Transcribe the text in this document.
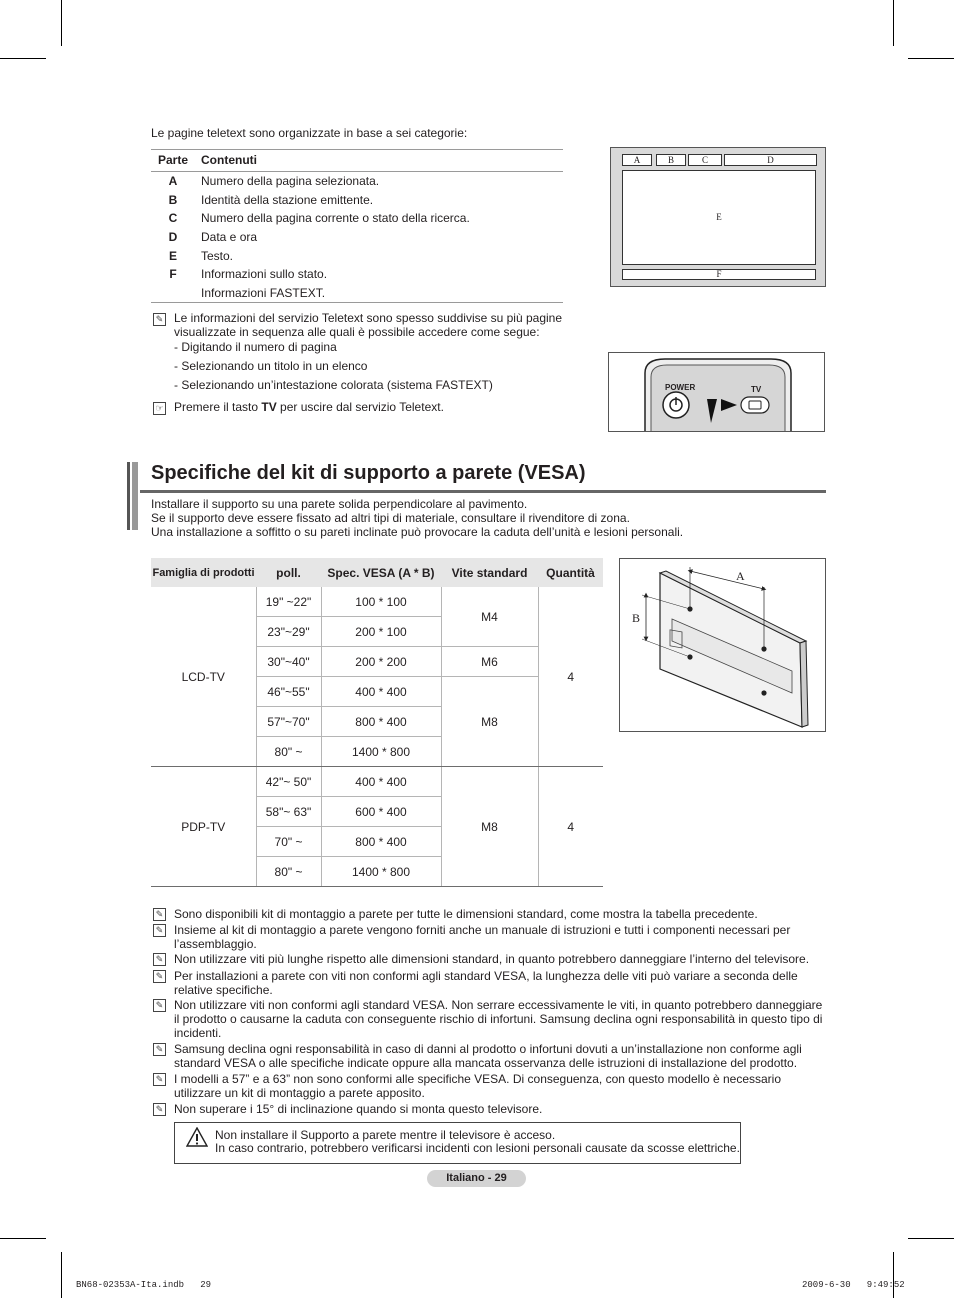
Le pagine teletext sono organizzate in base a sei categorie:
Parte	Contenuti
A	Numero della pagina selezionata.
B	Identità della stazione emittente.
C	Numero della pagina corrente o stato della ricerca.
D	Data e ora
E	Testo.
F	Informazioni sullo stato.
Informazioni FASTEXT.
A	B	C	D
E
F
✎ Le informazioni del servizio Teletext sono spesso suddivise su più pagine visualizzate in sequenza alle quali è possibile accedere come segue:
- Digitando il numero di pagina
- Selezionando un titolo in un elenco
- Selezionando un’intestazione colorata (sistema FASTEXT)
☞ Premere il tasto TV per uscire dal servizio Teletext.
POWER	TV
Specifiche del kit di supporto a parete (VESA)
Installare il supporto su una parete solida perpendicolare al pavimento.
Se il supporto deve essere fissato ad altri tipi di materiale, consultare il rivenditore di zona.
Una installazione a soffitto o su pareti inclinate può provocare la caduta dell’unità e lesioni personali.
Famiglia di prodotti	poll.	Spec. VESA (A * B)	Vite standard	Quantità
LCD-TV	19" ~22"	100 * 100	M4	4
	23"~29"	200 * 100		
	30"~40"	200 * 200	M6	
	46"~55"	400 * 400	M8	
	57"~70"	800 * 400		
	80" ~	1400 * 800		
PDP-TV	42"~ 50"	400 * 400	M8	4
	58"~ 63"	600 * 400		
	70" ~	800 * 400		
	80" ~	1400 * 800		
A
B
✎ Sono disponibili kit di montaggio a parete per tutte le dimensioni standard, come mostra la tabella precedente.
✎ Insieme al kit di montaggio a parete vengono forniti anche un manuale di istruzioni e tutti i componenti necessari per l’assemblaggio.
✎ Non utilizzare viti più lunghe rispetto alle dimensioni standard, in quanto potrebbero danneggiare l’interno del televisore.
✎ Per installazioni a parete con viti non conformi agli standard VESA, la lunghezza delle viti può variare a seconda delle relative specifiche.
✎ Non utilizzare viti non conformi agli standard VESA. Non serrare eccessivamente le viti, in quanto potrebbero danneggiare il prodotto o causarne la caduta con conseguente rischio di infortuni. Samsung declina ogni responsabilità in questo tipo di incidenti.
✎ Samsung declina ogni responsabilità in caso di danni al prodotto o infortuni dovuti a un’installazione non conforme agli standard VESA o alle specifiche indicate oppure alla mancata osservanza delle istruzioni di installazione del prodotto.
✎ I modelli a 57” e a 63” non sono conformi alle specifiche VESA. Di conseguenza, con questo modello è necessario utilizzare un kit di montaggio a parete apposito.
✎ Non superare i 15° di inclinazione quando si monta questo televisore.
Non installare il Supporto a parete mentre il televisore è acceso.
In caso contrario, potrebbero verificarsi incidenti con lesioni personali causate da scosse elettriche.
Italiano - 29
BN68-02353A-Ita.indb   29	2009-6-30   9:49:52
